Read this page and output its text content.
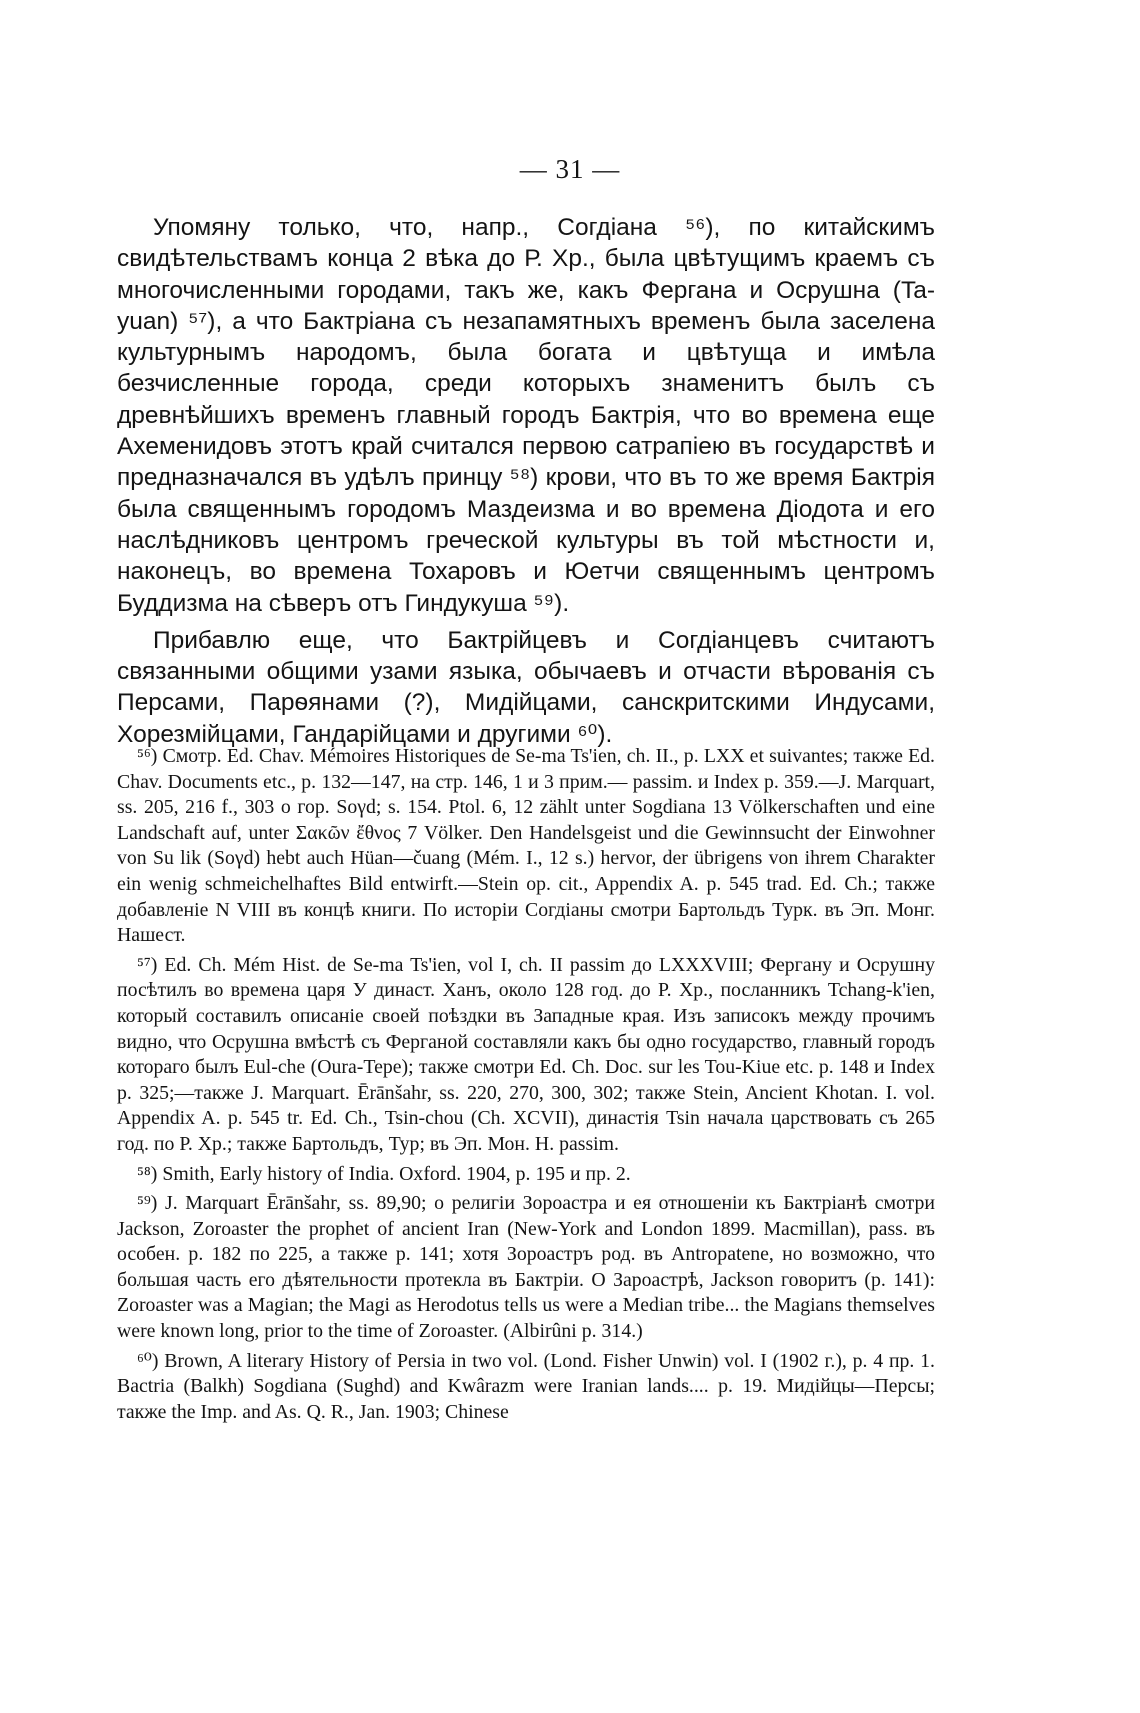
— 31 —

Упомяну только, что, напр., Согдіана ⁵⁶), по китайскимъ свидѣтельствамъ конца 2 вѣка до Р. Хр., была цвѣтущимъ краемъ съ многочисленными городами, такъ же, какъ Фергана и Осрушна (Ta-yuan) ⁵⁷), а что Бактріана съ незапамятныхъ временъ была заселена культурнымъ народомъ, была богата и цвѣтуща и имѣла безчисленные города, среди которыхъ знаменитъ былъ съ древнѣйшихъ временъ главный городъ Бактрія, что во времена еще Ахеменидовъ этотъ край считался первою сатрапіею въ государствѣ и предназначался въ удѣлъ принцу ⁵⁸) крови, что въ то же время Бактрія была священнымъ городомъ Маздеизма и во времена Діодота и его наслѣдниковъ центромъ греческой культуры въ той мѣстности и, наконецъ, во времена Тохаровъ и Юетчи священнымъ центромъ Буддизма на сѣверъ отъ Гиндукуша ⁵⁹).

Прибавлю еще, что Бактрійцевъ и Согдіанцевъ считаютъ связанными общими узами языка, обычаевъ и отчасти вѣрованія съ Персами, Парѳянами (?), Мидійцами, санскритскими Индусами, Хорезмійцами, Гандарійцами и другими ⁶⁰).

⁵⁶) Смотр. Ed. Chav. Mémoires Historiques de Se-ma Ts'ien, ch. II., p. LXX et suivantes; также Ed. Chav. Documents etc., p. 132—147, на стр. 146, 1 и 3 прим.— passim. и Index p. 359.—J. Marquart, ss. 205, 216 f., 303 о гор. Soγd; s. 154. Ptol. 6, 12 zählt unter Sogdiana 13 Völkerschaften und eine Landschaft auf, unter Σακῶν ἔθνος 7 Völker. Den Handelsgeist und die Gewinnsucht der Einwohner von Su lik (Soγd) hebt auch Hüan—čuang (Mém. I., 12 s.) hervor, der übrigens von ihrem Charakter ein wenig schmeichelhaftes Bild entwirft.—Stein op. cit., Appendix A. p. 545 trad. Ed. Ch.; также добавленіе N VIII въ концѣ книги. По исторіи Согдіаны смотри Бартольдъ Турк. въ Эп. Монг. Нашест.

⁵⁷) Ed. Ch. Mém Hist. de Se-ma Ts'ien, vol I, ch. II passim до LXXXVIII; Фергану и Осрушну посѣтилъ во времена царя У династ. Ханъ, около 128 год. до Р. Хр., посланникъ Tchang-k'ien, который составилъ описаніе своей поѣздки въ Западные края. Изъ записокъ между прочимъ видно, что Осрушна вмѣстѣ съ Ферганой составляли какъ бы одно государство, главный городъ котораго былъ Eul-che (Oura-Tepe); также смотри Ed. Ch. Doc. sur les Tou-Kiue etc. p. 148 и Index p. 325;—также J. Marquart. Ērānšahr, ss. 220, 270, 300, 302; также Stein, Ancient Khotan. I. vol. Appendix A. p. 545 tr. Ed. Ch., Tsin-chou (Ch. XCVII), династія Tsin начала царствовать съ 265 год. по Р. Хр.; также Бартольдъ, Тур; въ Эп. Мон. Н. passim.

⁵⁸) Smith, Early history of India. Oxford. 1904, p. 195 и пр. 2.

⁵⁹) J. Marquart Ērānšahr, ss. 89,90; о религіи Зороастра и ея отношеніи къ Бактріанѣ смотри Jackson, Zoroaster the prophet of ancient Iran (New-York and London 1899. Macmillan), pass. въ особен. p. 182 по 225, а также p. 141; хотя Зороастръ род. въ Antropatene, но возможно, что большая часть его дѣятельности протекла въ Бактріи. О Зароастрѣ, Jackson говоритъ (p. 141): Zoroaster was a Magian; the Magi as Herodotus tells us were a Median tribe... the Magians themselves were known long, prior to the time of Zoroaster. (Albirûni p. 314.)

⁶⁰) Brown, A literary History of Persia in two vol. (Lond. Fisher Unwin) vol. I (1902 г.), p. 4 пр. 1. Bactria (Balkh) Sogdiana (Sughd) and Kwârazm were Iranian lands.... p. 19. Мидійцы—Персы; также the Imp. and As. Q. R., Jan. 1903; Chinese
